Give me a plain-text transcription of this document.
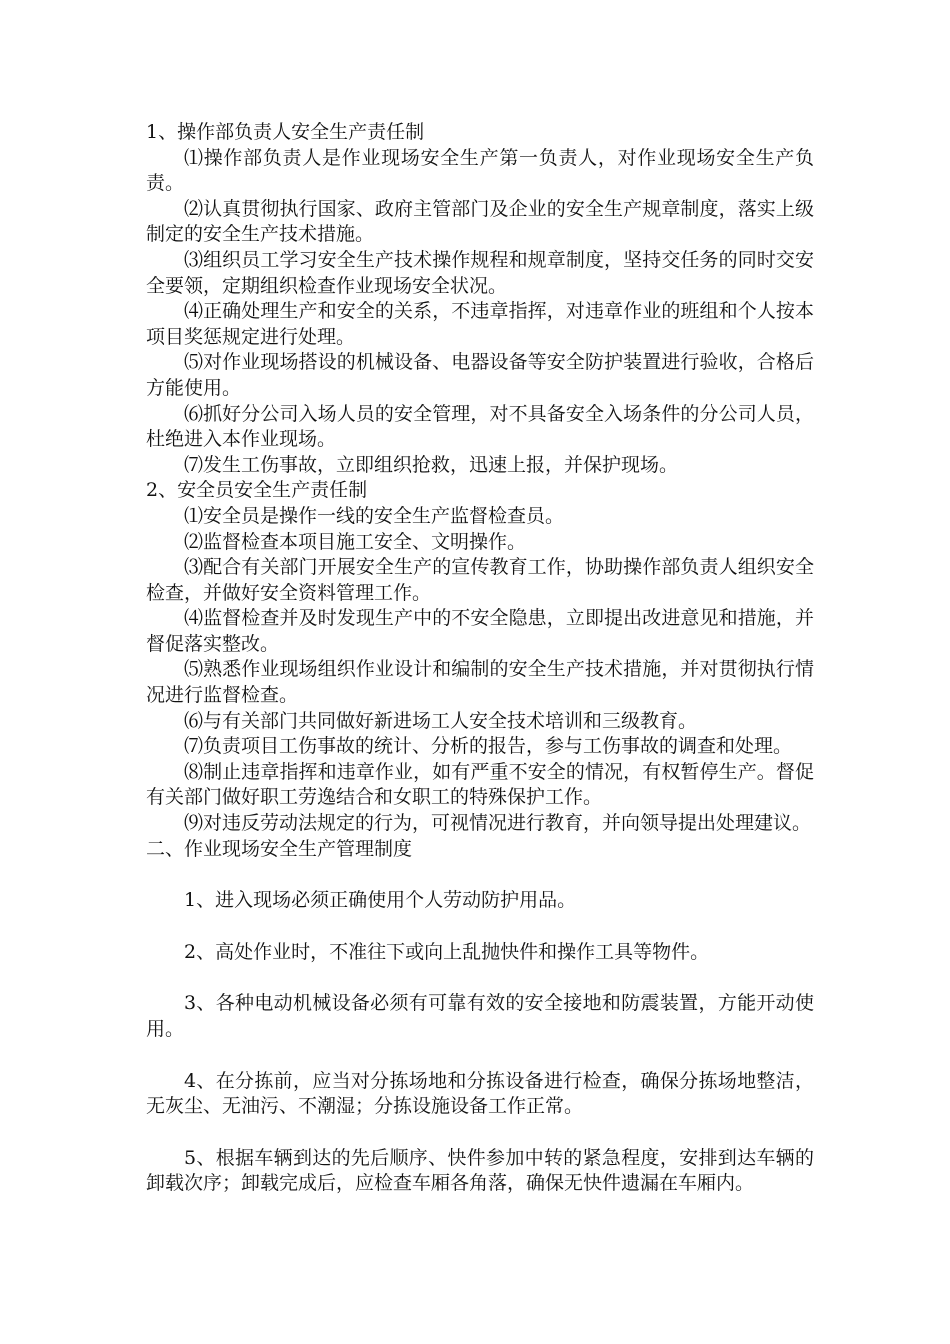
1、操作部负责人安全生产责任制

⑴操作部负责人是作业现场安全生产第一负责人，对作业现场安全生产负责。

⑵认真贯彻执行国家、政府主管部门及企业的安全生产规章制度，落实上级制定的安全生产技术措施。

⑶组织员工学习安全生产技术操作规程和规章制度，坚持交任务的同时交安全要领，定期组织检查作业现场安全状况。

⑷正确处理生产和安全的关系，不违章指挥，对违章作业的班组和个人按本项目奖惩规定进行处理。

⑸对作业现场搭设的机械设备、电器设备等安全防护装置进行验收，合格后方能使用。

⑹抓好分公司入场人员的安全管理，对不具备安全入场条件的分公司人员，杜绝进入本作业现场。

⑺发生工伤事故，立即组织抢救，迅速上报，并保护现场。

2、安全员安全生产责任制

⑴安全员是操作一线的安全生产监督检查员。

⑵监督检查本项目施工安全、文明操作。

⑶配合有关部门开展安全生产的宣传教育工作，协助操作部负责人组织安全检查，并做好安全资料管理工作。

⑷监督检查并及时发现生产中的不安全隐患，立即提出改进意见和措施，并督促落实整改。

⑸熟悉作业现场组织作业设计和编制的安全生产技术措施，并对贯彻执行情况进行监督检查。

⑹与有关部门共同做好新进场工人安全技术培训和三级教育。

⑺负责项目工伤事故的统计、分析的报告，参与工伤事故的调查和处理。

⑻制止违章指挥和违章作业，如有严重不安全的情况，有权暂停生产。督促有关部门做好职工劳逸结合和女职工的特殊保护工作。

⑼对违反劳动法规定的行为，可视情况进行教育，并向领导提出处理建议。

二、作业现场安全生产管理制度

1、进入现场必须正确使用个人劳动防护用品。

2、高处作业时，不准往下或向上乱抛快件和操作工具等物件。

3、各种电动机械设备必须有可靠有效的安全接地和防震装置，方能开动使用。

4、在分拣前，应当对分拣场地和分拣设备进行检查，确保分拣场地整洁，无灰尘、无油污、不潮湿；分拣设施设备工作正常。

5、根据车辆到达的先后顺序、快件参加中转的紧急程度，安排到达车辆的卸载次序；卸载完成后，应检查车厢各角落，确保无快件遗漏在车厢内。
